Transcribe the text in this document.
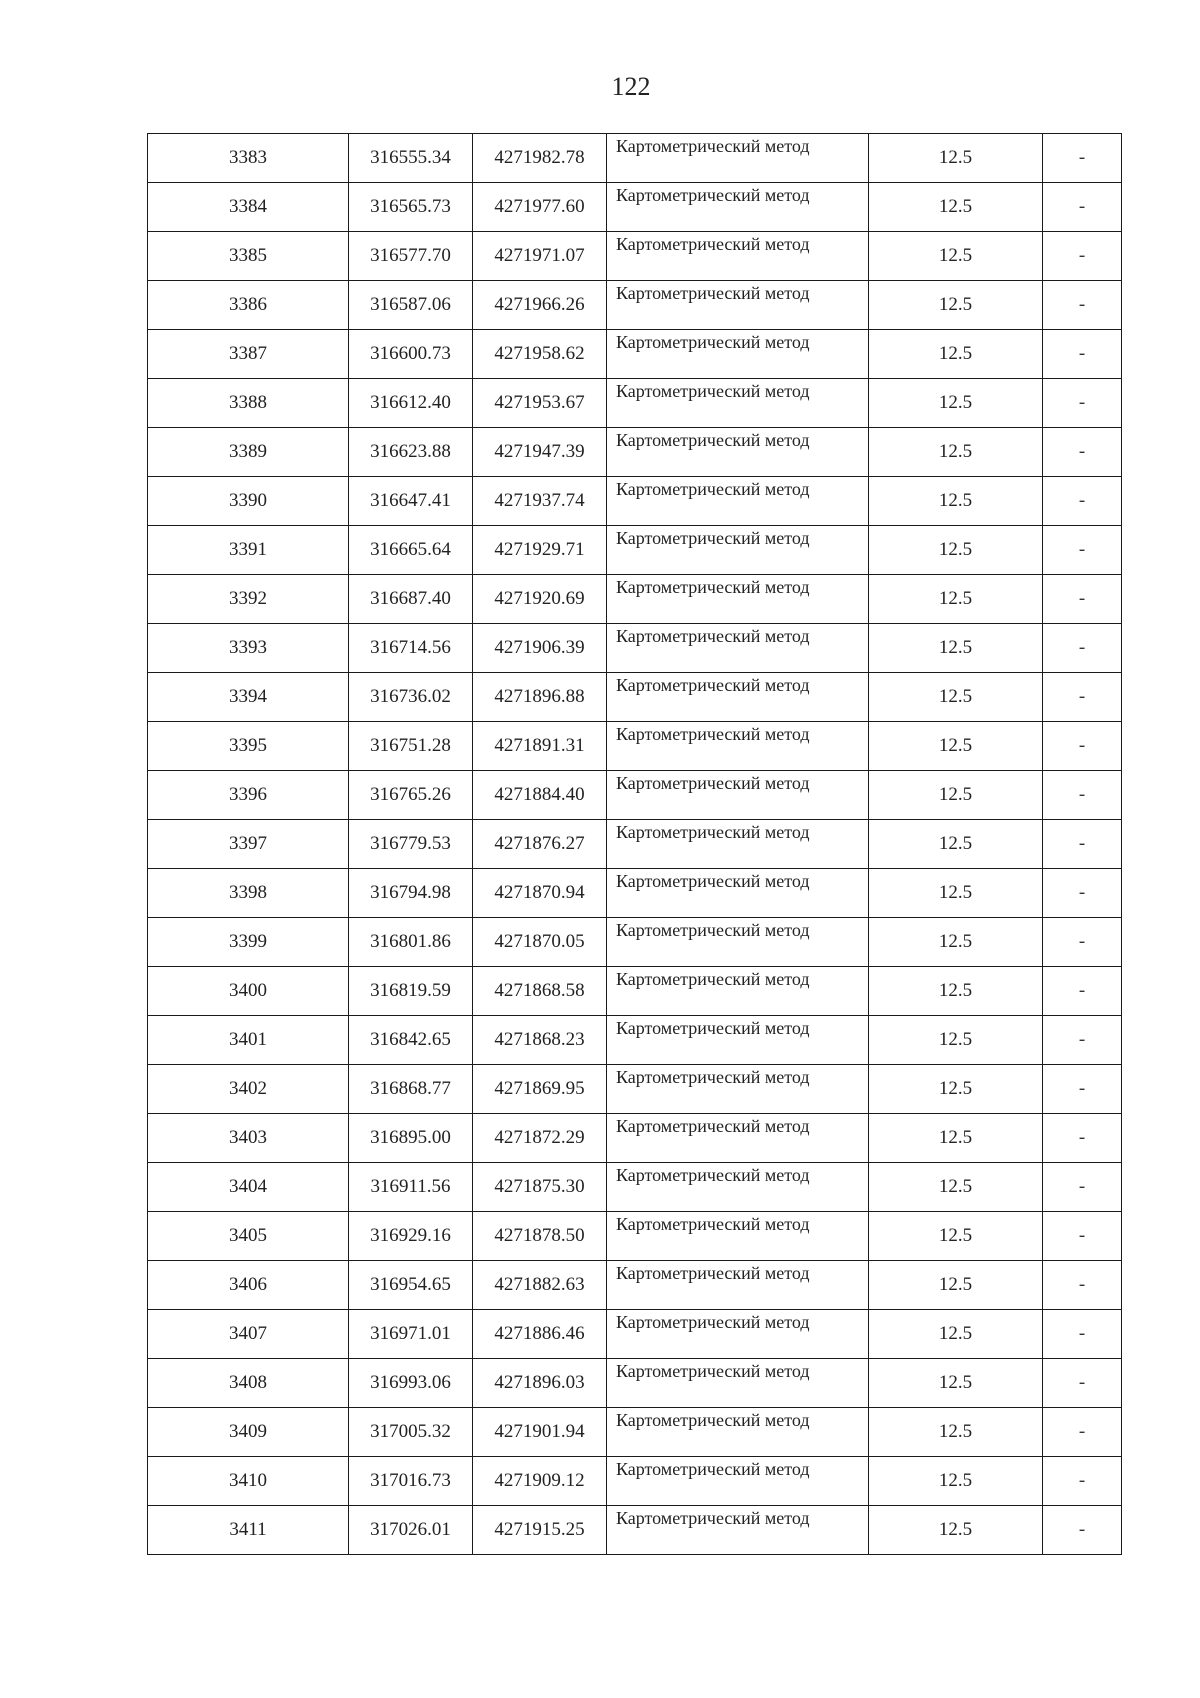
122
3383	316555.34	4271982.78	Картометрический метод	12.5	-
3384	316565.73	4271977.60	Картометрический метод	12.5	-
3385	316577.70	4271971.07	Картометрический метод	12.5	-
3386	316587.06	4271966.26	Картометрический метод	12.5	-
3387	316600.73	4271958.62	Картометрический метод	12.5	-
3388	316612.40	4271953.67	Картометрический метод	12.5	-
3389	316623.88	4271947.39	Картометрический метод	12.5	-
3390	316647.41	4271937.74	Картометрический метод	12.5	-
3391	316665.64	4271929.71	Картометрический метод	12.5	-
3392	316687.40	4271920.69	Картометрический метод	12.5	-
3393	316714.56	4271906.39	Картометрический метод	12.5	-
3394	316736.02	4271896.88	Картометрический метод	12.5	-
3395	316751.28	4271891.31	Картометрический метод	12.5	-
3396	316765.26	4271884.40	Картометрический метод	12.5	-
3397	316779.53	4271876.27	Картометрический метод	12.5	-
3398	316794.98	4271870.94	Картометрический метод	12.5	-
3399	316801.86	4271870.05	Картометрический метод	12.5	-
3400	316819.59	4271868.58	Картометрический метод	12.5	-
3401	316842.65	4271868.23	Картометрический метод	12.5	-
3402	316868.77	4271869.95	Картометрический метод	12.5	-
3403	316895.00	4271872.29	Картометрический метод	12.5	-
3404	316911.56	4271875.30	Картометрический метод	12.5	-
3405	316929.16	4271878.50	Картометрический метод	12.5	-
3406	316954.65	4271882.63	Картометрический метод	12.5	-
3407	316971.01	4271886.46	Картометрический метод	12.5	-
3408	316993.06	4271896.03	Картометрический метод	12.5	-
3409	317005.32	4271901.94	Картометрический метод	12.5	-
3410	317016.73	4271909.12	Картометрический метод	12.5	-
3411	317026.01	4271915.25	Картометрический метод	12.5	-
